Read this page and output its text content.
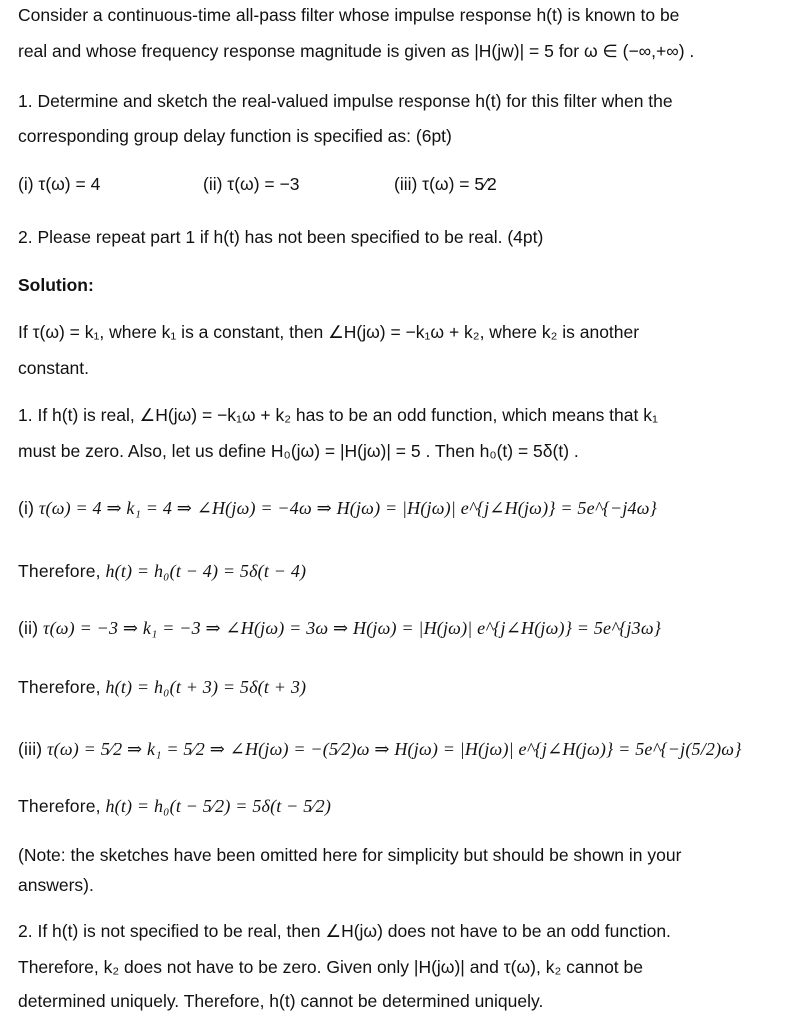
Consider a continuous-time all-pass filter whose impulse response h(t) is known to be
real and whose frequency response magnitude is given as |H(jw)| = 5 for ω ∈ (−∞,+∞) .
1. Determine and sketch the real-valued impulse response h(t) for this filter when the
corresponding group delay function is specified as: (6pt)
(i) τ(ω) = 4	(ii) τ(ω) = −3	(iii) τ(ω) = 5⁄2
2. Please repeat part 1 if h(t) has not been specified to be real. (4pt)
Solution:
If τ(ω) = k₁, where k₁ is a constant, then ∠H(jω) = −k₁ω + k₂, where k₂ is another
constant.
1. If h(t) is real, ∠H(jω) = −k₁ω + k₂ has to be an odd function, which means that k₁
must be zero. Also, let us define H₀(jω) = |H(jω)| = 5 . Then h₀(t) = 5δ(t) .
(i) τ(ω) = 4 ⇒ k₁ = 4 ⇒ ∠H(jω) = −4ω ⇒ H(jω) = |H(jω)| e^{j∠H(jω)} = 5e^{−j4ω}
Therefore, h(t) = h₀(t − 4) = 5δ(t − 4)
(ii) τ(ω) = −3 ⇒ k₁ = −3 ⇒ ∠H(jω) = 3ω ⇒ H(jω) = |H(jω)| e^{j∠H(jω)} = 5e^{j3ω}
Therefore, h(t) = h₀(t + 3) = 5δ(t + 3)
(iii) τ(ω) = 5⁄2 ⇒ k₁ = 5⁄2 ⇒ ∠H(jω) = −(5⁄2)ω ⇒ H(jω) = |H(jω)| e^{j∠H(jω)} = 5e^{−j(5/2)ω}
Therefore, h(t) = h₀(t − 5⁄2) = 5δ(t − 5⁄2)
(Note: the sketches have been omitted here for simplicity but should be shown in your
answers).
2. If h(t) is not specified to be real, then ∠H(jω) does not have to be an odd function.
Therefore, k₂ does not have to be zero. Given only |H(jω)| and τ(ω), k₂ cannot be
determined uniquely. Therefore, h(t) cannot be determined uniquely.
